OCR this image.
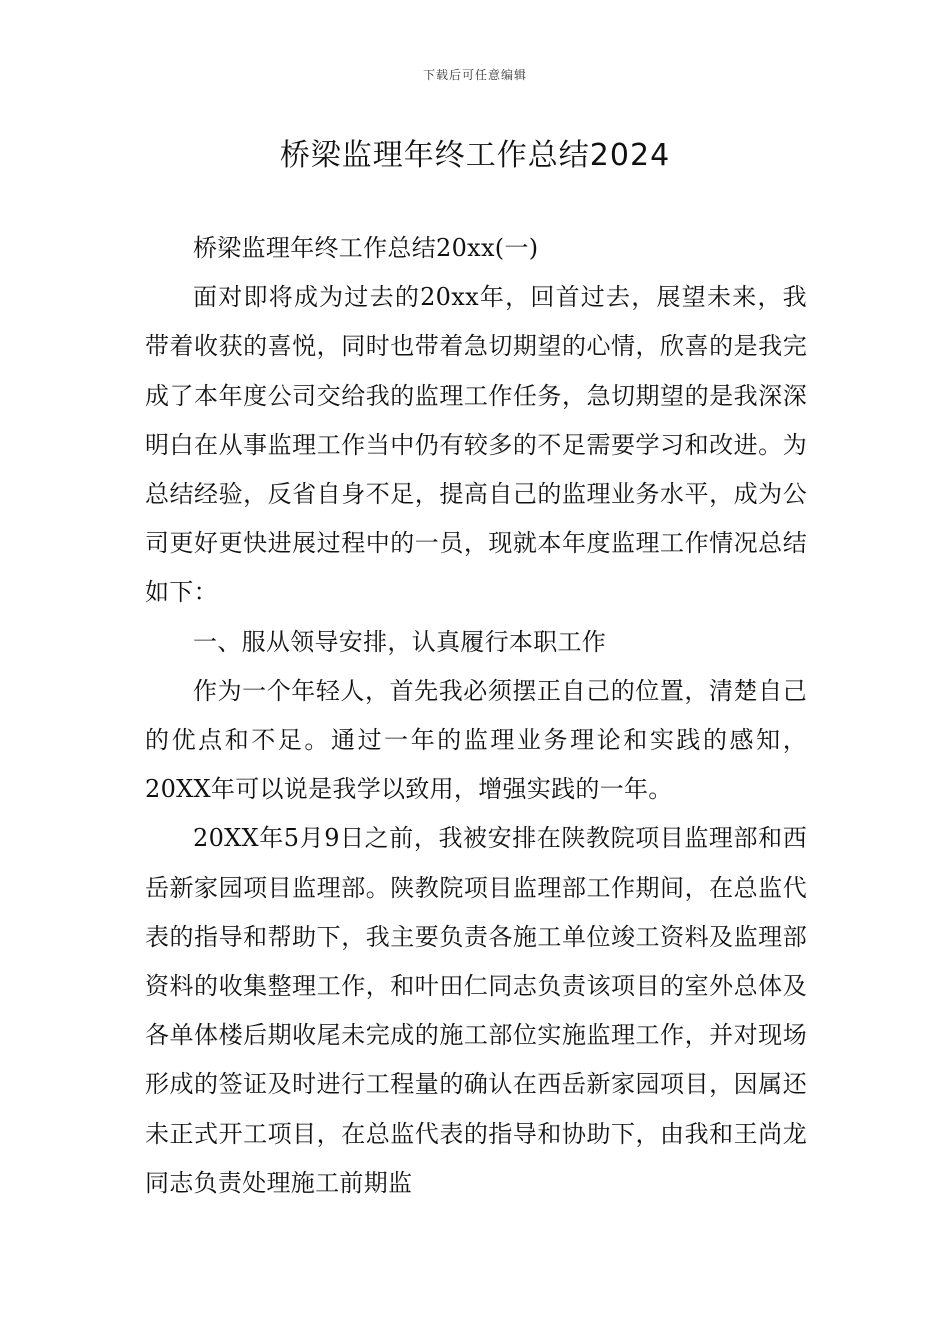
下载后可任意编辑
桥梁监理年终工作总结2024

桥梁监理年终工作总结20xx(一)

面对即将成为过去的20xx年，回首过去，展望未来，我带着收获的喜悦，同时也带着急切期望的心情，欣喜的是我完成了本年度公司交给我的监理工作任务，急切期望的是我深深明白在从事监理工作当中仍有较多的不足需要学习和改进。为总结经验，反省自身不足，提高自己的监理业务水平，成为公司更好更快进展过程中的一员，现就本年度监理工作情况总结如下：

一、服从领导安排，认真履行本职工作

作为一个年轻人，首先我必须摆正自己的位置，清楚自己的优点和不足。通过一年的监理业务理论和实践的感知，20XX年可以说是我学以致用，增强实践的一年。

20XX年5月9日之前，我被安排在陕教院项目监理部和西岳新家园项目监理部。陕教院项目监理部工作期间，在总监代表的指导和帮助下，我主要负责各施工单位竣工资料及监理部资料的收集整理工作，和叶田仁同志负责该项目的室外总体及各单体楼后期收尾未完成的施工部位实施监理工作，并对现场形成的签证及时进行工程量的确认在西岳新家园项目，因属还未正式开工项目，在总监代表的指导和协助下，由我和王尚龙同志负责处理施工前期监
